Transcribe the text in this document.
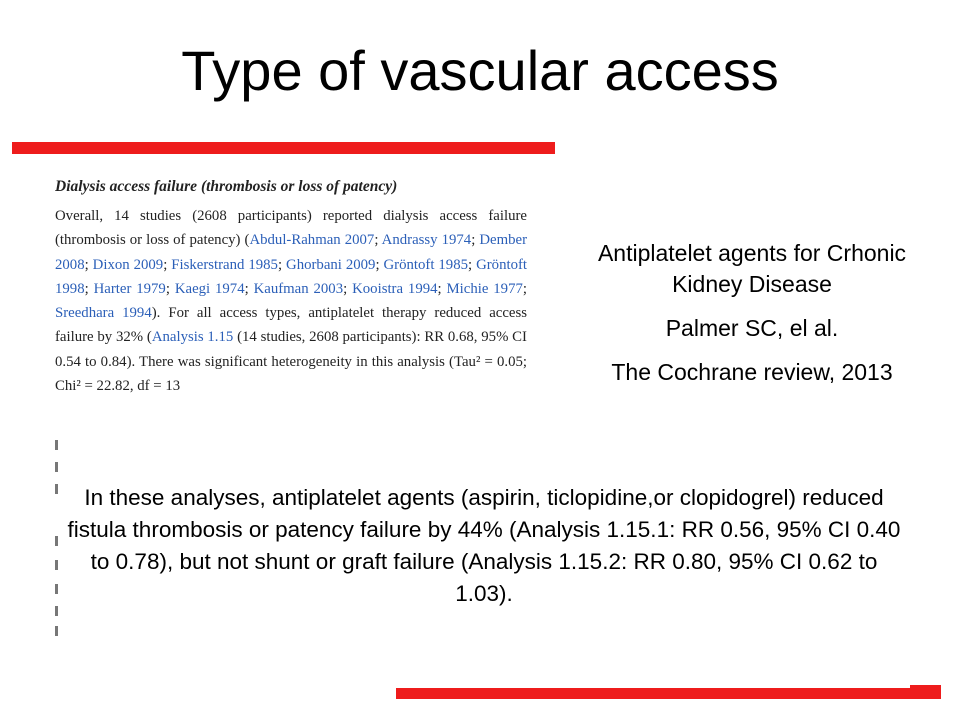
Type of vascular access

Dialysis access failure (thrombosis or loss of patency)

Overall, 14 studies (2608 participants) reported dialysis access failure (thrombosis or loss of patency) (Abdul-Rahman 2007; Andrassy 1974; Dember 2008; Dixon 2009; Fiskerstrand 1985; Ghorbani 2009; Gröntoft 1985; Gröntoft 1998; Harter 1979; Kaegi 1974; Kaufman 2003; Kooistra 1994; Michie 1977; Sreedhara 1994). For all access types, antiplatelet therapy reduced access failure by 32% (Analysis 1.15 (14 studies, 2608 participants): RR 0.68, 95% CI 0.54 to 0.84). There was significant heterogeneity in this analysis (Tau² = 0.05; Chi² = 22.82, df = 13

Antiplatelet agents for Crhonic Kidney Disease

Palmer SC, el al.

The Cochrane review, 2013

In these analyses, antiplatelet agents (aspirin, ticlopidine,or clopidogrel) reduced fistula thrombosis or patency failure by 44% (Analysis 1.15.1: RR 0.56, 95% CI 0.40 to 0.78), but not shunt or graft failure (Analysis 1.15.2: RR 0.80, 95% CI 0.62 to 1.03).
